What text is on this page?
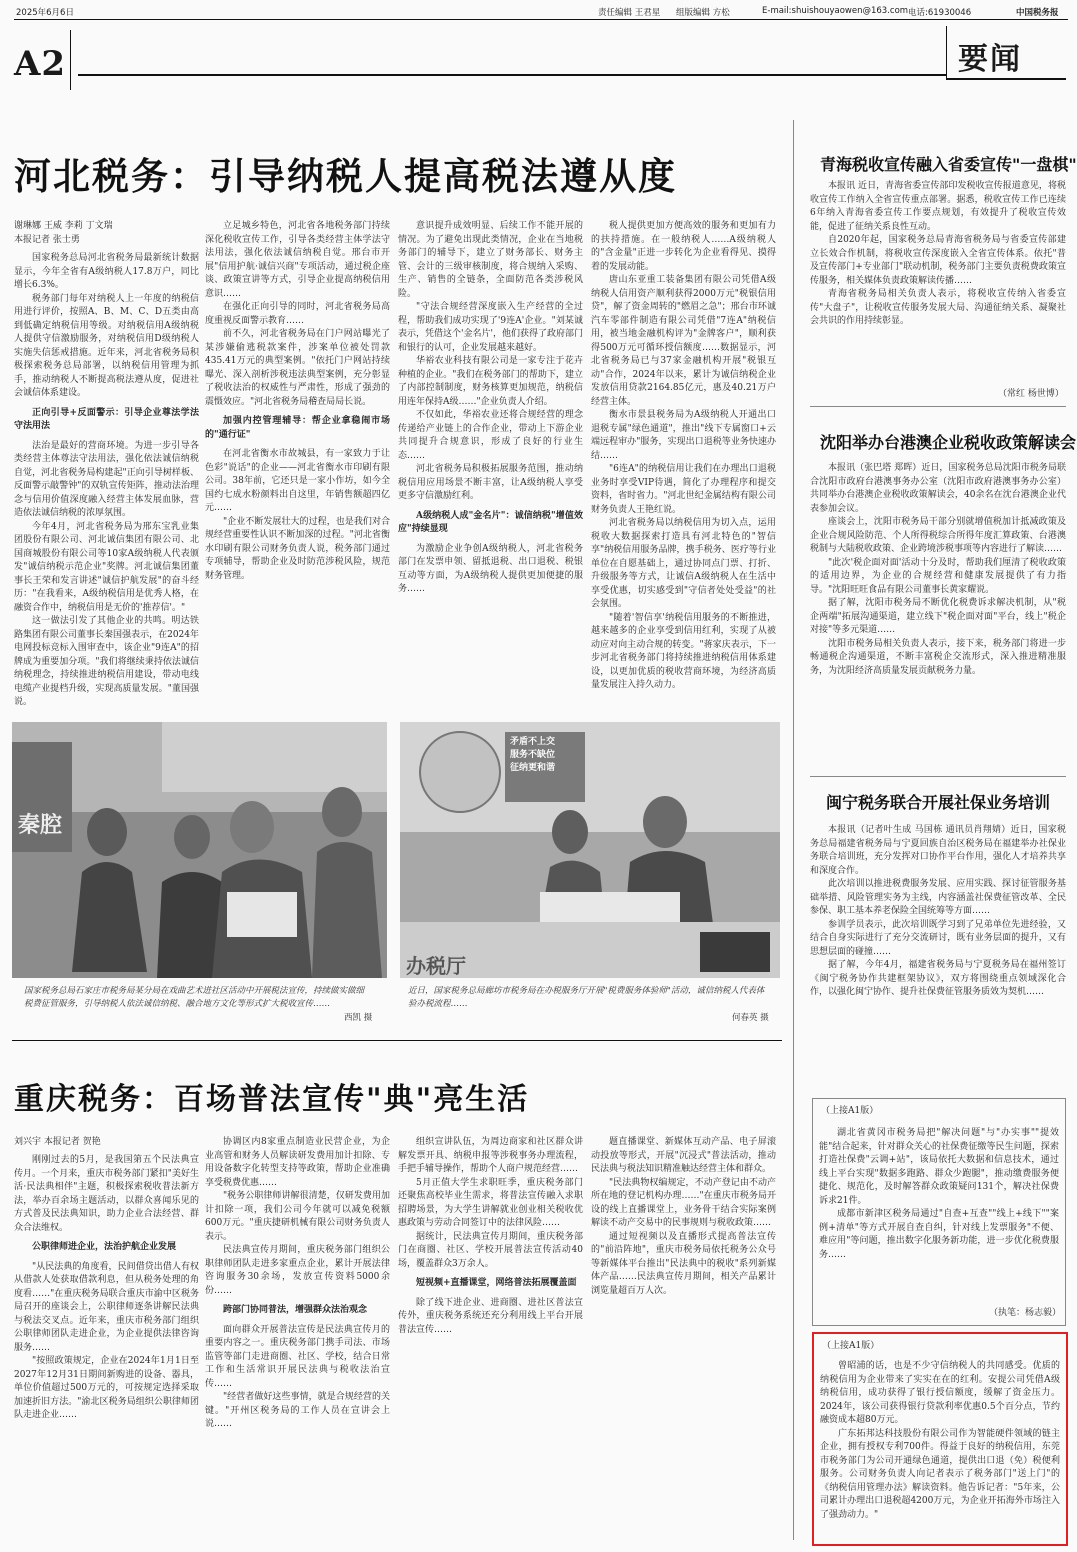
2025年6月6日	责任编辑 王君星 组版编辑 方松	E-mail:shuishouyaowen@163.com 电话:61930046	中国税务报
A2	要闻
河北税务：引导纳税人提高税法遵从度
谢琳娜 王威 李莉 丁文瑞
本报记者 张士勇

国家税务总局河北省税务局最新统计数据显示，今年全省有A级纳税人17.8万户，同比增长6.3%。

税务部门每年对纳税人上一年度的纳税信用进行评价，按照A、B、M、C、D五类由高到低确定纳税信用等级。对纳税信用A级纳税人提供守信激励服务，对纳税信用D级纳税人实施失信惩戒措施。近年来，河北省税务局积极探索税务总局部署，以纳税信用管理为抓手，推动纳税人不断提高税法遵从度，促进社会诚信体系建设。

正向引导+反面警示：引导企业尊法学法守法用法

法治是最好的营商环境。为进一步引导各类经营主体尊法守法用法，强化依法诚信纳税自觉，河北省税务局构建起"正向引导树样板、反面警示敲警钟"的双轨宣传矩阵，推动法治理念与信用价值深度融入经营主体发展血脉，营造依法诚信纳税的浓厚氛围。

今年4月，河北省税务局为邢东宝乳业集团股份有限公司、河北诚信集团有限公司、北国商城股份有限公司等10家A级纳税人代表颁发"诚信纳税示范企业"奖牌。河北诚信集团董事长王荣和发言讲述"诚信护航发展"的奋斗经历："在我看来，A级纳税信用是优秀人格，在融资合作中，纳税信用是无价的'推荐信'。"

这一做法引发了其他企业的共鸣。明达铁路集团有限公司董事长秦国强表示，在2024年电网投标竞标入围审查中，该企业"9连A"的招牌成为重要加分项。"我们将继续秉持依法诚信纳税理念，持续推进纳税信用建设，带动电线电缆产业提档升级，实现高质量发展。"董国强说。

立足城乡特色，河北省各地税务部门持续深化税收宣传工作，引导各类经营主体学法守法用法，强化依法诚信纳税自觉。邢台市开展"信用护航·诚信兴商"专项活动，通过税企座谈、政策宣讲等方式，引导企业提高纳税信用意识……

在强化正向引导的同时，河北省税务局高度重视反面警示教育……

前不久，河北省税务局在门户网站曝光了某涉嫌偷逃税款案件，涉案单位被处罚款435.41万元的典型案例。"依托门户网站持续曝光、深入剖析涉税违法典型案例，充分彰显了税收法治的权威性与严肃性，形成了强劲的震慑效应。"河北省税务局稽查局局长说。

加强内控管理辅导：帮企业拿稳闹市场的"通行证"

在河北省衡水市故城县，有一家致力于让色彩"说话"的企业——河北省衡水市印刷有限公司。38年前，它还只是一家小作坊，如今全国约七成水粉颜料出自这里，年销售额超四亿元……

"企业不断发展壮大的过程，也是我们对合规经营重要性认识不断加深的过程。"河北省衡水印刷有限公司财务负责人说，税务部门通过专项辅导，帮助企业及时防范涉税风险，规范财务管理。

意识提升成效明显、后续工作不能开展的情况。为了避免出现此类情况，企业在当地税务部门的辅导下，建立了财务部长、财务主管、会计的三级审核制度，将合规纳入采购、生产、销售的全链条，全面防范各类涉税风险。

"守法合规经营深度嵌入生产经营的全过程，帮助我们成功实现了'9连A'企业。"刘某诚表示，凭借这个'金名片'，他们获得了政府部门和银行的认可，企业发展越来越好。

华裕农业科技有限公司是一家专注于花卉种植的企业。"我们在税务部门的帮助下，建立了内部控制制度，财务核算更加规范，纳税信用连年保持A级……"企业负责人介绍。

不仅如此，华裕农业还将合规经营的理念传递给产业链上的合作企业，带动上下游企业共同提升合规意识，形成了良好的行业生态……

河北省税务局积极拓展服务范围，推动纳税信用应用场景不断丰富，让A级纳税人享受更多守信激励红利。

A级纳税人成"金名片"：诚信纳税"增值效应"持续显现

为激励企业争创A级纳税人，河北省税务部门在发票申领、留抵退税、出口退税、税银互动等方面，为A级纳税人提供更加便捷的服务……

税人提供更加方便高效的服务和更加有力的扶持措施。在一般纳税人……A级纳税人的"含金量"正进一步转化为企业看得见、摸得着的发展动能。

唐山东亚重工装备集团有限公司凭借A级纳税人信用资产顺利获得2000万元"税银信用贷"，解了资金周转的"燃眉之急"；邢台市环诚汽车零部件制造有限公司凭借"7连A"纳税信用，被当地金融机构评为"金牌客户"，顺利获得500万元可循环授信额度……数据显示，河北省税务局已与37家金融机构开展"税银互动"合作，2024年以来，累计为诚信纳税企业发放信用贷款2164.85亿元，惠及40.21万户经营主体。

衡水市景县税务局为A级纳税人开通出口退税专属"绿色通道"，推出"线下专属窗口+云端远程审办"服务，实现出口退税等业务快速办结……

"6连A"的纳税信用让我们在办理出口退税业务时享受VIP待遇，简化了办理程序和提交资料，省时省力。"河北世纪金属结构有限公司财务负责人王艳红说。

河北省税务局以纳税信用为切入点，运用税收大数据探索打造具有河北特色的"智信享"纳税信用服务品牌，携手税务、医疗等行业单位在自愿基础上，通过协同点门票、打折、升级服务等方式，让诚信A级纳税人在生活中享受优惠，切实感受到"守信者处处受益"的社会氛围。

"随着'智信享'纳税信用服务的不断推进，越来越多的企业享受到信用红利，实现了从被动应对向主动合规的转变。"蒋家庆表示，下一步河北省税务部门将持续推进纳税信用体系建设，以更加优质的税收营商环境，为经济高质量发展注入持久动力。

秦腔
国家税务总局石家庄市税务局某分局在戏曲艺术进社区活动中开展税法宣传，持续做实做细税费征管服务，引导纳税人依法诚信纳税、融合地方文化等形式扩大税收宣传……
西凯 摄
矛盾不上交
服务不缺位
征纳更和谐
办税厅
近日，国家税务总局廊坊市税务局在办税服务厅开展"税费服务体验师"活动，诚信纳税人代表体验办税流程……
何春英 摄
重庆税务：百场普法宣传"典"亮生活
刘兴宇 本报记者 贺艳

刚刚过去的5月，是我国第五个民法典宣传月。一个月来，重庆市税务部门紧扣"美好生活·民法典相伴"主题，积极探索税收普法新方法，举办百余场主题活动，以群众喜闻乐见的方式普及民法典知识，助力企业合法经营、群众合法维权。

公职律师进企业，法治护航企业发展

"从民法典的角度看，民间借贷出借人有权从借款人处获取借款利息，但从税务处理的角度看……"在重庆税务局联合重庆市渝中区税务局召开的座谈会上，公职律师逐条讲解民法典与税法交叉点。近年来，重庆市税务部门组织公职律师团队走进企业，为企业提供法律咨询服务……

"按照政策规定，企业在2024年1月1日至2027年12月31日期间新购进的设备、器具，单位价值超过500万元的，可按规定选择采取加速折旧方法。"渝北区税务局组织公职律师团队走进企业……

协调区内8家重点制造业民营企业，为企业高管和财务人员解读研发费用加计扣除、专用设备数字化转型支持等政策，帮助企业准确享受税费优惠……

"税务公职律师讲解很清楚，仅研发费用加计扣除一项，我们公司今年就可以减免税额600万元。"重庆捷研机械有限公司财务负责人表示。

民法典宣传月期间，重庆税务部门组织公职律师团队走进多家重点企业，累计开展法律咨询服务30余场，发放宣传资料5000余份……

跨部门协同普法，增强群众法治观念

面向群众开展普法宣传是民法典宣传月的重要内容之一。重庆税务部门携手司法、市场监管等部门走进商圈、社区、学校，结合日常工作和生活常识开展民法典与税收法治宣传……

"经营者做好这些事情，就是合规经营的关键。"开州区税务局的工作人员在宣讲会上说……

组织宣讲队伍，为周边商家和社区群众讲解发票开具、纳税申报等涉税事务办理流程，手把手辅导操作，帮助个人商户规范经营……

5月正值大学生求职旺季，重庆税务部门还聚焦高校毕业生需求，将普法宣传融入求职招聘场景，为大学生讲解就业创业相关税收优惠政策与劳动合同签订中的法律风险……

据统计，民法典宣传月期间，重庆税务部门在商圈、社区、学校开展普法宣传活动40场，覆盖群众3万余人。

短视频+直播课堂，网络普法拓展覆盖面

除了线下进企业、进商圈、进社区普法宣传外，重庆税务系统还充分利用线上平台开展普法宣传……

题直播课堂、新媒体互动产品、电子屏滚动投放等形式，开展"沉浸式"普法活动，推动民法典与税法知识精准触达经营主体和群众。

"民法典物权编规定，不动产登记由不动产所在地的登记机构办理……"在重庆市税务局开设的线上直播课堂上，业务骨干结合实际案例解读不动产交易中的民事规则与税收政策……

通过短视频以及直播形式提高普法宣传的"前沿阵地"，重庆市税务局依托税务公众号等新媒体平台推出"民法典中的税收"系列新媒体产品……民法典宣传月期间，相关产品累计浏览量超百万人次。

青海税收宣传融入省委宣传"一盘棋"

本报讯 近日，青海省委宣传部印发税收宣传报道意见，将税收宣传工作纳入全省宣传重点部署。据悉，税收宣传工作已连续6年纳入青海省委宣传工作要点规划，有效提升了税收宣传效能，促进了征纳关系良性互动。

自2020年起，国家税务总局青海省税务局与省委宣传部建立长效合作机制，将税收宣传深度嵌入全省宣传体系。依托"普及宣传部门+专业部门"联动机制，税务部门主要负责税费政策宣传服务，相关媒体负责政策解读传播……

青海省税务局相关负责人表示，将税收宣传纳入省委宣传"大盘子"，让税收宣传服务发展大局、沟通征纳关系、凝聚社会共识的作用持续彰显。

（常红 杨世博）
沈阳举办台港澳企业税收政策解读会

本报讯（张巴塔 郑晖）近日，国家税务总局沈阳市税务局联合沈阳市政府台港澳事务办公室（沈阳市政府港澳事务办公室）共同举办台港澳企业税收政策解读会，40余名在沈台港澳企业代表参加会议。

座谈会上，沈阳市税务局干部分别就增值税加计抵减政策及企业合规风险防范、个人所得税综合所得年度汇算政策、台港澳税制与大陆税收政策、企业跨境涉税事项等内容进行了解读……

"此次'税企面对面'活动十分及时，帮助我们厘清了税收政策的适用边界，为企业的合规经营和健康发展提供了有力指导。"沈阳旺旺食品有限公司董事长黄家耀说。

据了解，沈阳市税务局不断优化税费诉求解决机制，从"税企两端"拓展沟通渠道，建立线下"税企面对面"平台，线上"税企对接"等多元渠道……

沈阳市税务局相关负责人表示，接下来，税务部门将进一步畅通税企沟通渠道，不断丰富税企交流形式，深入推进精准服务，为沈阳经济高质量发展贡献税务力量。

闽宁税务联合开展社保业务培训

本报讯（记者叶生成 马国栋 通讯员肖翔婧）近日，国家税务总局福建省税务局与宁夏回族自治区税务局在福建举办社保业务联合培训班，充分发挥对口协作平台作用，强化人才培养共享和深度合作。

此次培训以推进税费服务发展、应用实践、探讨征管服务基础举措、风险管理实务为主线，内容涵盖社保费征管改革、全民参保、职工基本养老保险全国统筹等方面……

参训学员表示，此次培训既学习到了兄弟单位先进经验，又结合自身实际进行了充分交流研讨，既有业务层面的提升，又有思想层面的碰撞……

据了解，今年4月，福建省税务局与宁夏税务局在福州签订《闽宁税务协作共建框架协议》，双方将围绕重点领域深化合作，以强化闽宁协作、提升社保费征管服务质效为契机……

（上接A1版）

湖北省黄冈市税务局把"解决问题"与"办实事""提效能"结合起来，针对群众关心的社保费征缴等民生问题，探索打造社保费"云调+站"，该局依托大数据和信息技术，通过线上平台实现"数据多跑路、群众少跑腿"，推动缴费服务便捷化、规范化，及时解答群众政策疑问131个，解决社保费诉求21件。

成都市新津区税务局通过"自查+互查""线上+线下""案例+清单"等方式开展自查自纠，针对线上发票服务"不便、难应用"等问题，推出数字化服务新功能，进一步优化税费服务……

（执笔：杨志毅）
（上接A1版）

曾昭浦的话，也是不少守信纳税人的共同感受。优质的纳税信用为企业带来了实实在在的红利。安提公司凭借A级纳税信用，成功获得了银行授信额度，缓解了资金压力。2024年，该公司获得银行贷款利率优惠0.5个百分点，节约融资成本超80万元。

广东拓邦达科技股份有限公司作为智能硬件领域的链主企业，拥有授权专利700件。得益于良好的纳税信用，东莞市税务部门为公司开通绿色通道，提供出口退（免）税便利服务。公司财务负责人向记者表示了税务部门"送上门"的《纳税信用管理办法》解读资料。他告诉记者："5年来，公司累计办理出口退税超4200万元，为企业开拓海外市场注入了强劲动力。"
